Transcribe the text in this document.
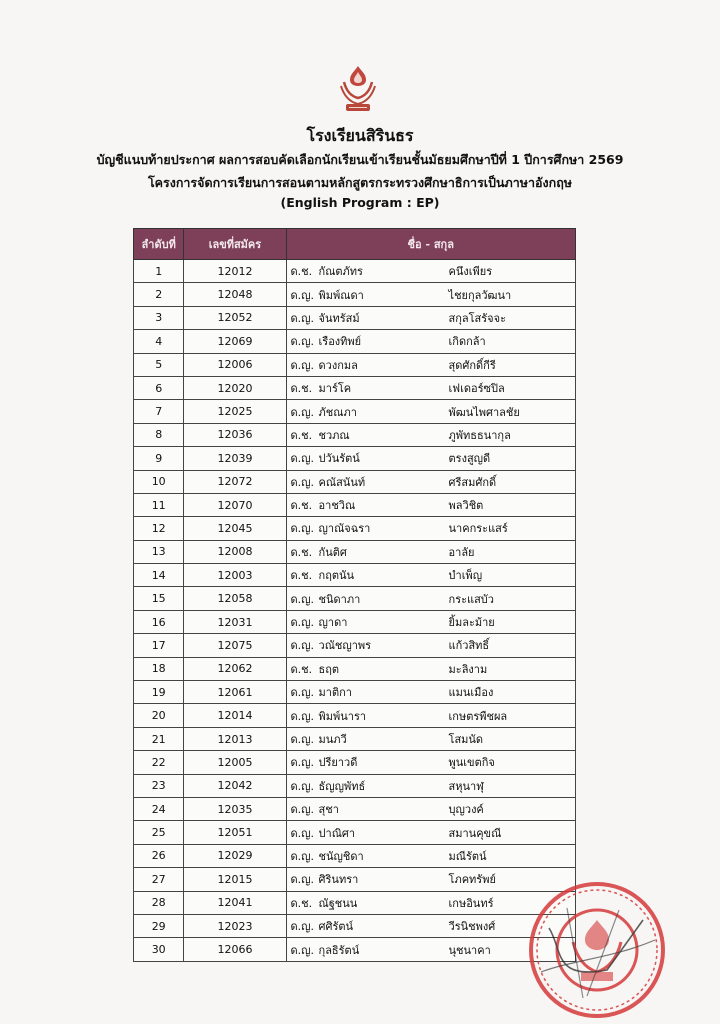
โรงเรียนสิรินธร
บัญชีแนบท้ายประกาศ ผลการสอบคัดเลือกนักเรียนเข้าเรียนชั้นมัธยมศึกษาปีที่ 1 ปีการศึกษา 2569
โครงการจัดการเรียนการสอนตามหลักสูตรกระทรวงศึกษาธิการเป็นภาษาอังกฤษ
(English Program : EP)
ลำดับที่	เลขที่สมัคร	ชื่อ - สกุล
1	12012	ด.ช. กัณตภัทร คนึงเพียร
2	12048	ด.ญ. พิมพ์ณดา ไชยกุลวัฒนา
3	12052	ด.ญ. จันทรัสม์ สกุลโสรัจจะ
4	12069	ด.ญ. เรืองทิพย์ เกิดกล้า
5	12006	ด.ญ. ดวงกมล สุดศักดิ์กีรี
6	12020	ด.ช. มาร์โค เฟเดอร์ซปิล
7	12025	ด.ญ. ภัชณภา พัฒนไพศาลชัย
8	12036	ด.ช. ชวภณ ภูพัทธธนากุล
9	12039	ด.ญ. ปวันรัตน์ ตรงสูญดี
10	12072	ด.ญ. คณัสนันท์ ศรีสมศักดิ์
11	12070	ด.ช. อาชวิณ พลวิชิต
12	12045	ด.ญ. ญาณัจฉรา นาคกระแสร์
13	12008	ด.ช. กันติศ อาลัย
14	12003	ด.ช. กฤตนัน บำเพ็ญ
15	12058	ด.ญ. ชนิดาภา กระแสบัว
16	12031	ด.ญ. ญาดา ยิ้มละม้าย
17	12075	ด.ญ. วณัชญาพร แก้วสิทธิ์
18	12062	ด.ช. ธฤต มะลิงาม
19	12061	ด.ญ. มาติกา แมนเมือง
20	12014	ด.ญ. พิมพ์นารา เกษตรพืชผล
21	12013	ด.ญ. มนภวี โสมนัด
22	12005	ด.ญ. ปรียาวดี พูนเขตกิจ
23	12042	ด.ญ. ธัญญพัทธ์ สหุนาฬุ
24	12035	ด.ญ. สุชา บุญวงค์
25	12051	ด.ญ. ปาณิศา สมานคุขณี
26	12029	ด.ญ. ชนัญชิดา มณีรัตน์
27	12015	ด.ญ. ศิรินทรา โภคทรัพย์
28	12041	ด.ช. ณัฐชนน เกษอินทร์
29	12023	ด.ญ. ศศิรัตน์ วีรนิชพงศ์
30	12066	ด.ญ. กุลธิรัตน์ นุชนาคา
